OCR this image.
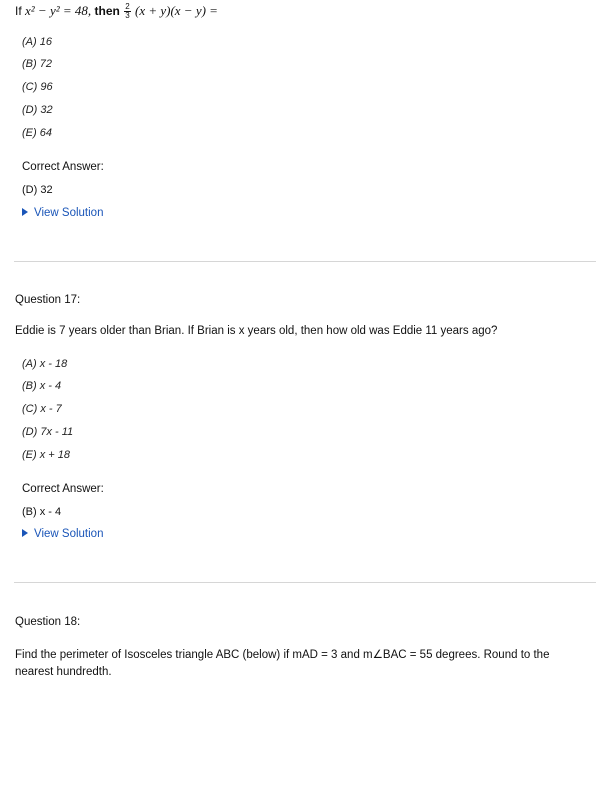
If x² − y² = 48, then $\frac{2}{3} (x + y)(x - y)$ =
(A) 16
(B) 72
(C) 96
(D) 32
(E) 64
Correct Answer:
(D) 32
View Solution
Question 17:
Eddie is 7 years older than Brian. If Brian is x years old, then how old was Eddie 11 years ago?
(A) x - 18
(B) x - 4
(C) x - 7
(D) 7x - 11
(E) x + 18
Correct Answer:
(B) x - 4
View Solution
Question 18:
Find the perimeter of Isosceles triangle ABC (below) if mAD = 3 and m∠BAC = 55 degrees. Round to the
nearest hundredth.
